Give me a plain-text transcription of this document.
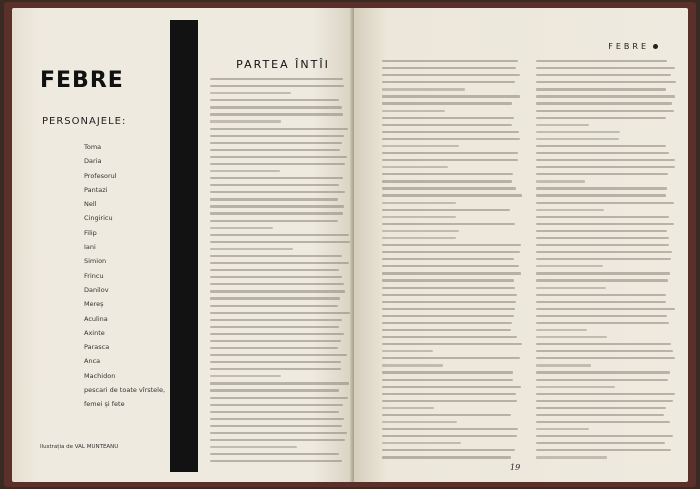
FEBRE
PERSONAJELE:
Toma
Daria
Profesorul
Pantazi
Nell
Cingiricu
Filip
Iani
Simion
Frincu
Danilov
Mereș
Aculina
Axinte
Parasca
Anca
Machidon
pescari de toate vîrstele,
femei și fete
Ilustrația de VAL MUNTEANU
PARTEA ÎNTÎI
FEBRE
19
